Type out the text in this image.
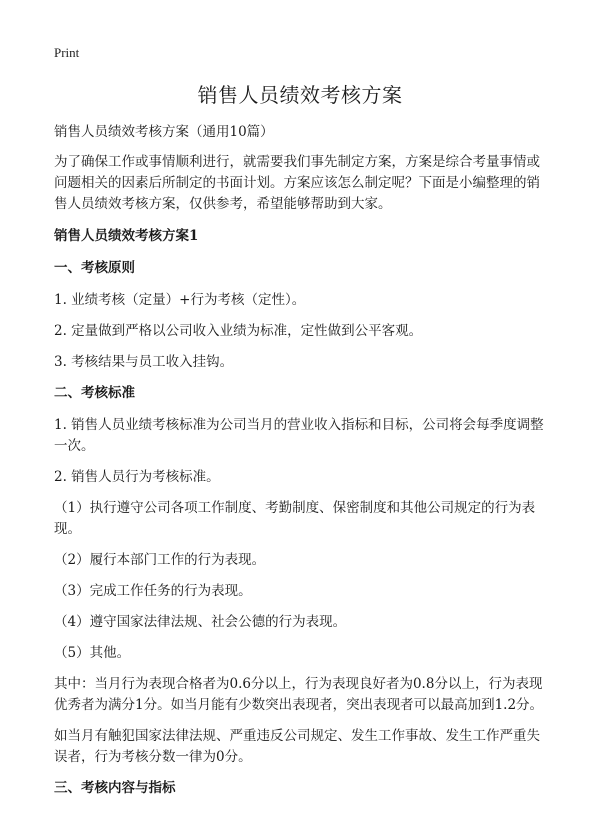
Print
销售人员绩效考核方案

销售人员绩效考核方案（通用10篇）

为了确保工作或事情顺利进行，就需要我们事先制定方案，方案是综合考量事情或问题相关的因素后所制定的书面计划。方案应该怎么制定呢？下面是小编整理的销售人员绩效考核方案，仅供参考，希望能够帮助到大家。

销售人员绩效考核方案1

一、考核原则

1. 业绩考核（定量）+行为考核（定性）。

2. 定量做到严格以公司收入业绩为标准，定性做到公平客观。

3. 考核结果与员工收入挂钩。

二、考核标准

1. 销售人员业绩考核标准为公司当月的营业收入指标和目标，公司将会每季度调整一次。

2. 销售人员行为考核标准。

（1）执行遵守公司各项工作制度、考勤制度、保密制度和其他公司规定的行为表现。

（2）履行本部门工作的行为表现。

（3）完成工作任务的行为表现。

（4）遵守国家法律法规、社会公德的行为表现。

（5）其他。

其中：当月行为表现合格者为0.6分以上，行为表现良好者为0.8分以上，行为表现优秀者为满分1分。如当月能有少数突出表现者，突出表现者可以最高加到1.2分。

如当月有触犯国家法律法规、严重违反公司规定、发生工作事故、发生工作严重失误者，行为考核分数一律为0分。

三、考核内容与指标
